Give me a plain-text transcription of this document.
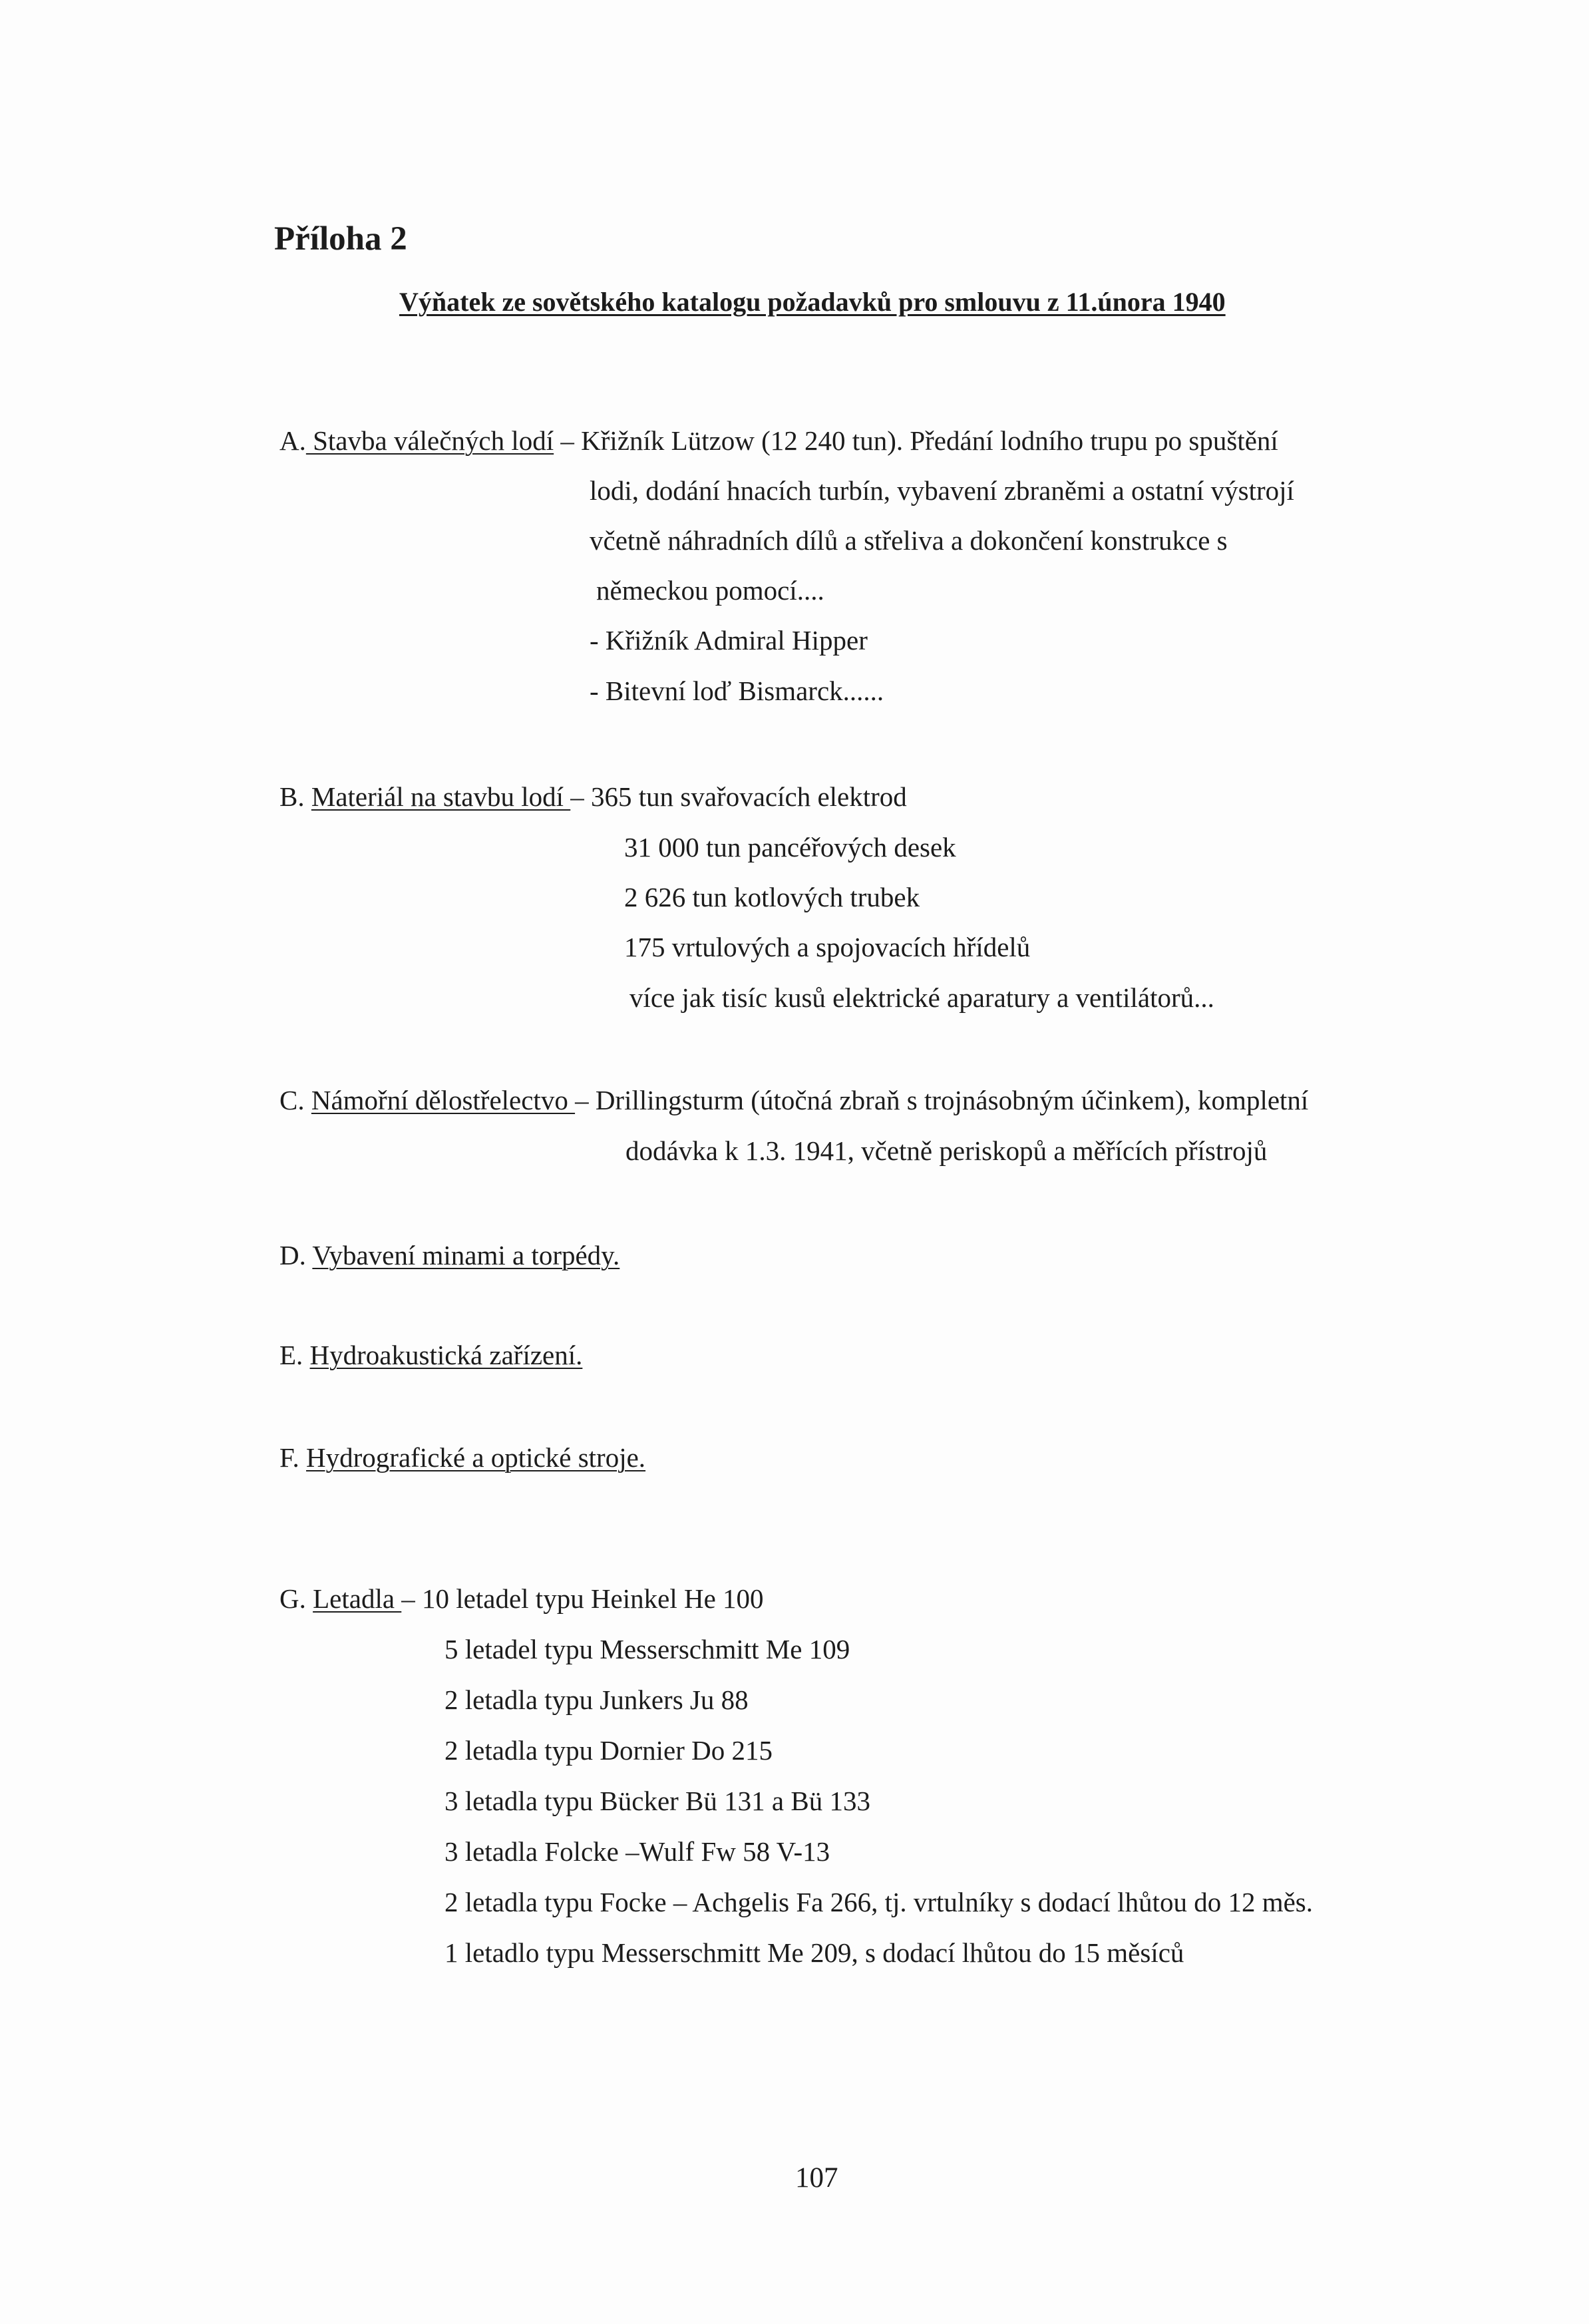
Příloha 2
Výňatek ze sovětského katalogu požadavků pro smlouvu z 11.února 1940
A. Stavba válečných lodí – Křižník Lützow (12 240 tun). Předání lodního trupu po spuštění
lodi, dodání hnacích turbín, vybavení zbraněmi a ostatní výstrojí
včetně náhradních dílů a střeliva a dokončení konstrukce s
německou pomocí....
- Křižník Admiral Hipper
- Bitevní loď Bismarck......
B. Materiál na stavbu lodí – 365 tun svařovacích elektrod
31 000 tun pancéřových desek
2 626 tun kotlových trubek
175 vrtulových a spojovacích hřídelů
více jak tisíc kusů elektrické aparatury a ventilátorů...
C. Námořní dělostřelectvo – Drillingsturm (útočná zbraň s trojnásobným účinkem), kompletní
dodávka k 1.3. 1941, včetně periskopů a měřících přístrojů
D. Vybavení minami a torpédy.
E. Hydroakustická zařízení.
F. Hydrografické a optické stroje.
G. Letadla – 10 letadel typu Heinkel He 100
5 letadel typu Messerschmitt Me 109
2 letadla typu Junkers Ju 88
2 letadla typu Dornier Do 215
3 letadla typu Bücker Bü 131 a Bü 133
3 letadla Folcke –Wulf Fw 58 V-13
2 letadla typu Focke – Achgelis Fa 266, tj. vrtulníky s dodací lhůtou do 12 měs.
1 letadlo typu Messerschmitt Me 209, s dodací lhůtou do 15 měsíců
107
